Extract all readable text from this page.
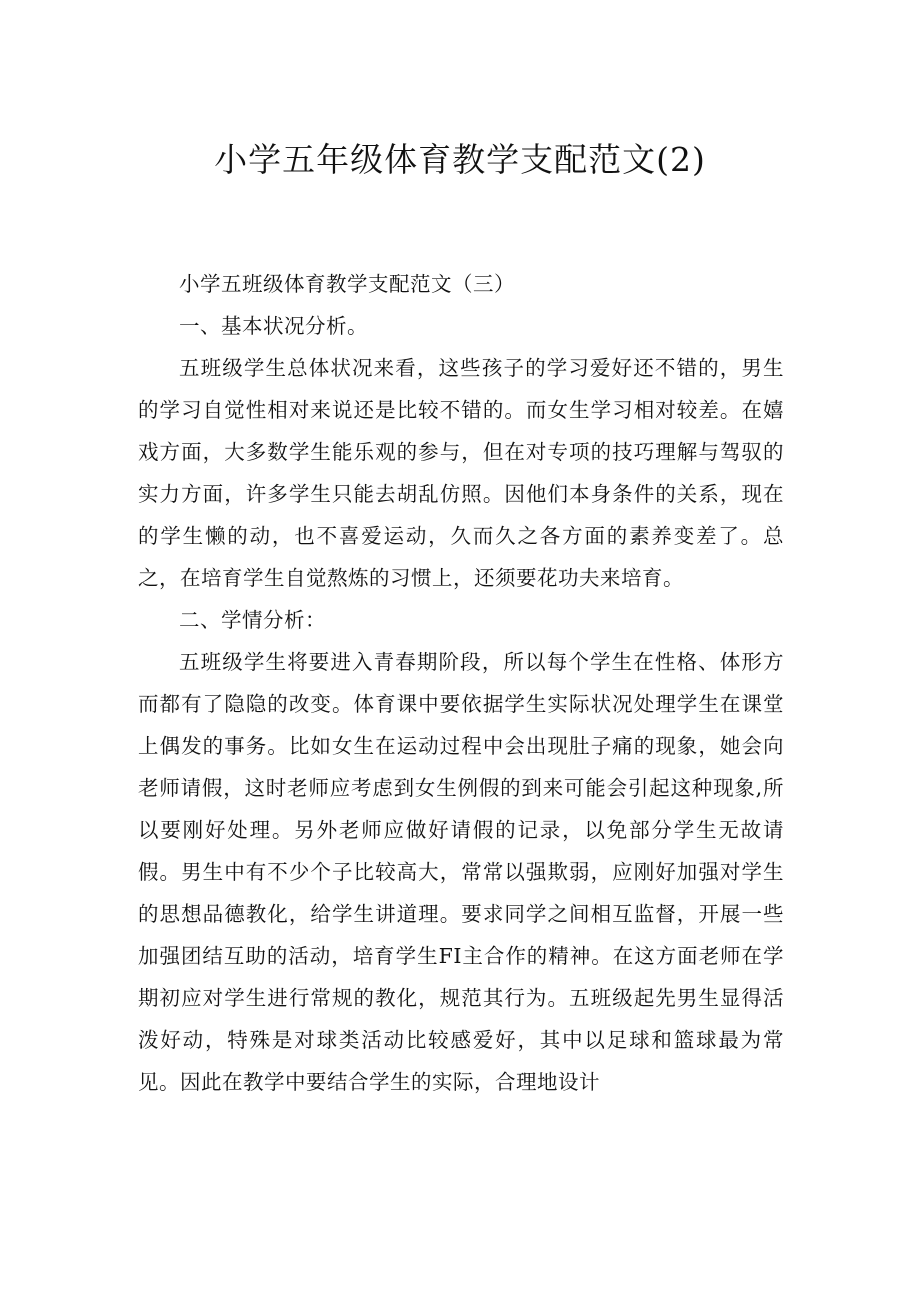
小学五年级体育教学支配范文(2)

小学五班级体育教学支配范文（三）

一、基本状况分析。

五班级学生总体状况来看，这些孩子的学习爱好还不错的，男生的学习自觉性相对来说还是比较不错的。而女生学习相对较差。在嬉戏方面，大多数学生能乐观的参与，但在对专项的技巧理解与驾驭的实力方面，许多学生只能去胡乱仿照。因他们本身条件的关系，现在的学生懒的动，也不喜爱运动，久而久之各方面的素养变差了。总之，在培育学生自觉熬炼的习惯上，还须要花功夫来培育。

二、学情分析：

五班级学生将要进入青春期阶段，所以每个学生在性格、体形方而都有了隐隐的改变。体育课中要依据学生实际状况处理学生在课堂上偶发的事务。比如女生在运动过程中会出现肚子痛的现象，她会向老师请假，这时老师应考虑到女生例假的到来可能会引起这种现象,所以要刚好处理。另外老师应做好请假的记录，以免部分学生无故请假。男生中有不少个子比较高大，常常以强欺弱，应刚好加强对学生的思想品德教化，给学生讲道理。要求同学之间相互监督，开展一些加强团结互助的活动，培育学生FI主合作的精神。在这方面老师在学期初应对学生进行常规的教化，规范其行为。五班级起先男生显得活泼好动，特殊是对球类活动比较感爱好，其中以足球和篮球最为常见。因此在教学中要结合学生的实际，合理地设计
